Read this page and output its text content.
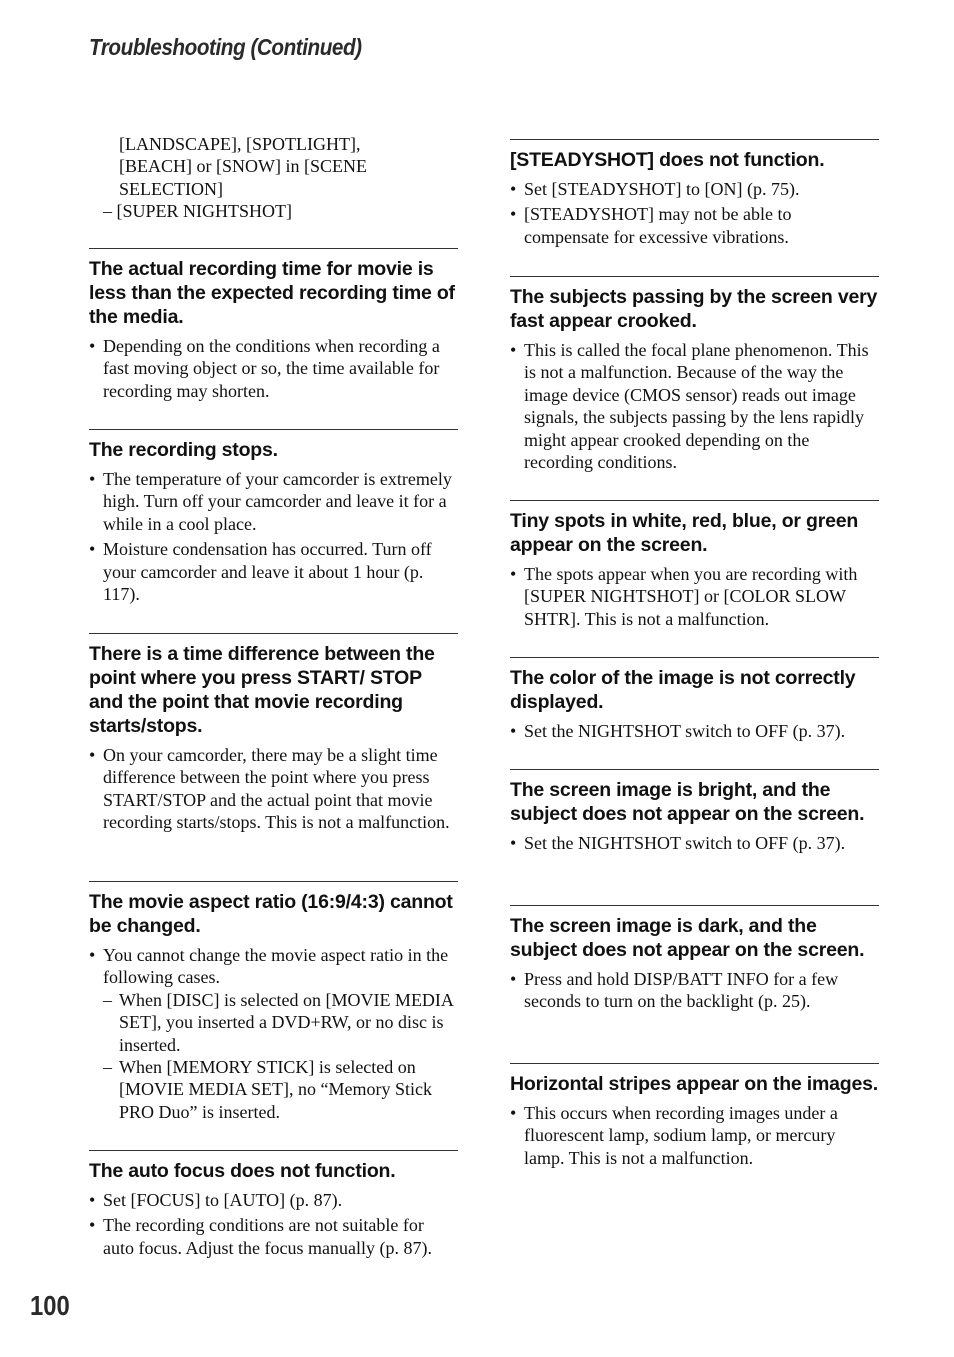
Troubleshooting (Continued)
[LANDSCAPE], [SPOTLIGHT],
[BEACH] or [SNOW] in [SCENE
SELECTION]
– [SUPER NIGHTSHOT]
The actual recording time for movie is less than the expected recording time of the media.
• Depending on the conditions when recording a fast moving object or so, the time available for recording may shorten.
The recording stops.
• The temperature of your camcorder is extremely high. Turn off your camcorder and leave it for a while in a cool place.
• Moisture condensation has occurred. Turn off your camcorder and leave it about 1 hour (p. 117).
There is a time difference between the point where you press START/ STOP and the point that movie recording starts/stops.
• On your camcorder, there may be a slight time difference between the point where you press START/STOP and the actual point that movie recording starts/stops. This is not a malfunction.
The movie aspect ratio (16:9/4:3) cannot be changed.
• You cannot change the movie aspect ratio in the following cases.
– When [DISC] is selected on [MOVIE MEDIA SET], you inserted a DVD+RW, or no disc is inserted.
– When [MEMORY STICK] is selected on [MOVIE MEDIA SET], no “Memory Stick PRO Duo” is inserted.
The auto focus does not function.
• Set [FOCUS] to [AUTO] (p. 87).
• The recording conditions are not suitable for auto focus. Adjust the focus manually (p. 87).
[STEADYSHOT] does not function.
• Set [STEADYSHOT] to [ON] (p. 75).
• [STEADYSHOT] may not be able to compensate for excessive vibrations.
The subjects passing by the screen very fast appear crooked.
• This is called the focal plane phenomenon. This is not a malfunction. Because of the way the image device (CMOS sensor) reads out image signals, the subjects passing by the lens rapidly might appear crooked depending on the recording conditions.
Tiny spots in white, red, blue, or green appear on the screen.
• The spots appear when you are recording with [SUPER NIGHTSHOT] or [COLOR SLOW SHTR]. This is not a malfunction.
The color of the image is not correctly displayed.
• Set the NIGHTSHOT switch to OFF (p. 37).
The screen image is bright, and the subject does not appear on the screen.
• Set the NIGHTSHOT switch to OFF (p. 37).
The screen image is dark, and the subject does not appear on the screen.
• Press and hold DISP/BATT INFO for a few seconds to turn on the backlight (p. 25).
Horizontal stripes appear on the images.
• This occurs when recording images under a fluorescent lamp, sodium lamp, or mercury lamp. This is not a malfunction.
100
